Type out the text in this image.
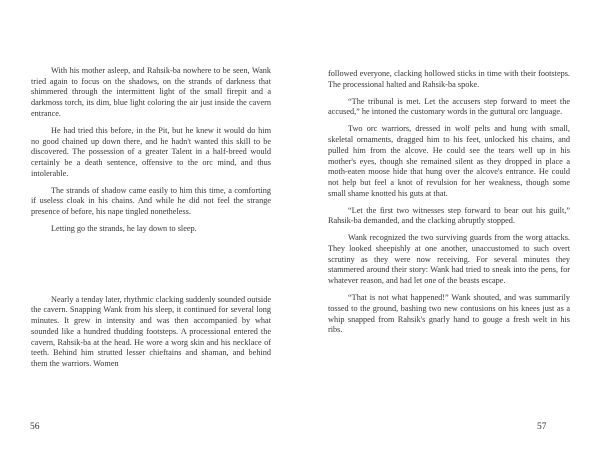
With his mother asleep, and Rahsik-ba nowhere to be seen, Wank tried again to focus on the shadows, on the strands of darkness that shimmered through the intermittent light of the small firepit and a darkmoss torch, its dim, blue light coloring the air just inside the cavern entrance.

He had tried this before, in the Pit, but he knew it would do him no good chained up down there, and he hadn't wanted this skill to be discovered. The possession of a greater Talent in a half-breed would certainly be a death sentence, offensive to the orc mind, and thus intolerable.

The strands of shadow came easily to him this time, a comforting if useless cloak in his chains. And while he did not feel the strange presence of before, his nape tingled nonetheless.

Letting go the strands, he lay down to sleep.

Nearly a tenday later, rhythmic clacking suddenly sounded outside the cavern. Snapping Wank from his sleep, it continued for several long minutes. It grew in intensity and was then accompanied by what sounded like a hundred thudding footsteps. A processional entered the cavern, Rahsik-ba at the head. He wore a worg skin and his necklace of teeth. Behind him strutted lesser chieftains and shaman, and behind them the warriors. Women

56

followed everyone, clacking hollowed sticks in time with their footsteps. The processional halted and Rahsik-ba spoke.

“The tribunal is met. Let the accusers step forward to meet the accused,” he intoned the customary words in the guttural orc language.

Two orc warriors, dressed in wolf pelts and hung with small, skeletal ornaments, dragged him to his feet, unlocked his chains, and pulled him from the alcove. He could see the tears well up in his mother's eyes, though she remained silent as they dropped in place a moth-eaten moose hide that hung over the alcove's entrance. He could not help but feel a knot of revulsion for her weakness, though some small shame knotted his guts at that.

“Let the first two witnesses step forward to bear out his guilt,” Rahsik-ba demanded, and the clacking abruptly stopped.

Wank recognized the two surviving guards from the worg attacks. They looked sheepishly at one another, unaccustomed to such overt scrutiny as they were now receiving. For several minutes they stammered around their story: Wank had tried to sneak into the pens, for whatever reason, and had let one of the beasts escape.

“That is not what happened!” Wank shouted, and was summarily tossed to the ground, bashing two new contusions on his knees just as a whip snapped from Rahsik's gnarly hand to gouge a fresh welt in his ribs.

57
